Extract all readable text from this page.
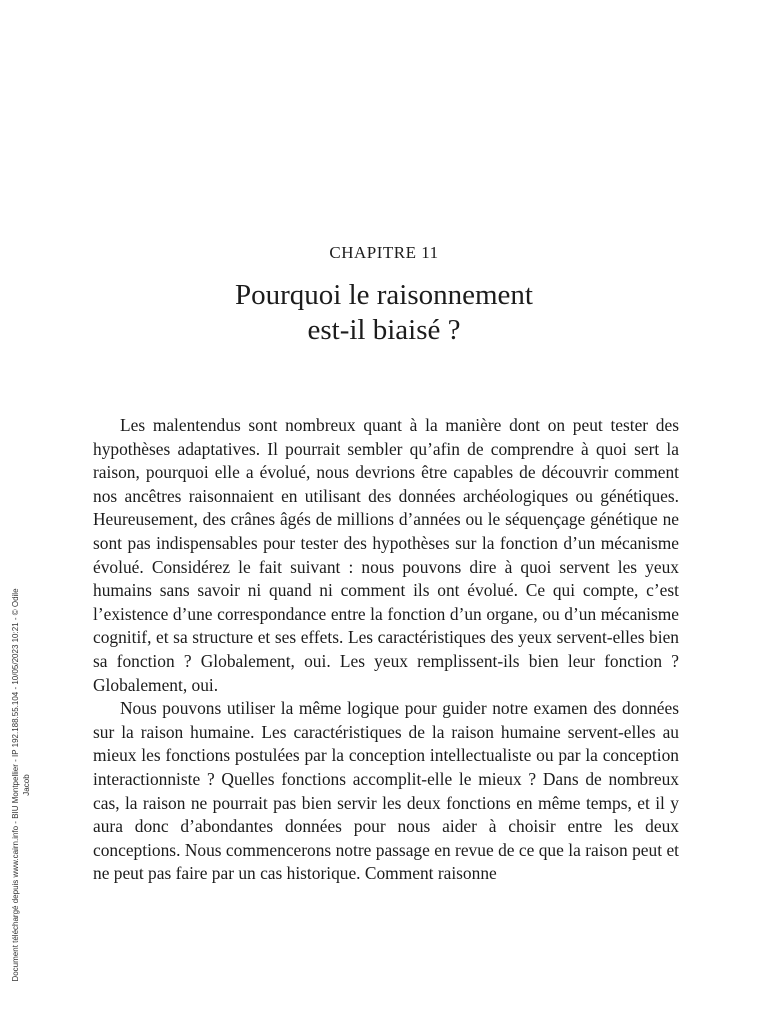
CHAPITRE 11
Pourquoi le raisonnement
est-il biaisé ?

Les malentendus sont nombreux quant à la manière dont on peut tester des hypothèses adaptatives. Il pourrait sembler qu’afin de comprendre à quoi sert la raison, pourquoi elle a évolué, nous devrions être capables de découvrir comment nos ancêtres raisonnaient en utilisant des données archéologiques ou génétiques. Heureusement, des crânes âgés de millions d’années ou le séquençage génétique ne sont pas indispensables pour tester des hypothèses sur la fonction d’un mécanisme évolué. Considérez le fait suivant : nous pouvons dire à quoi servent les yeux humains sans savoir ni quand ni comment ils ont évolué. Ce qui compte, c’est l’existence d’une correspondance entre la fonction d’un organe, ou d’un mécanisme cognitif, et sa structure et ses effets. Les caractéristiques des yeux servent-elles bien sa fonction ? Globalement, oui. Les yeux remplissent-ils bien leur fonction ? Globalement, oui.

Nous pouvons utiliser la même logique pour guider notre examen des données sur la raison humaine. Les caractéristiques de la raison humaine servent-elles au mieux les fonctions postulées par la conception intellectualiste ou par la conception interactionniste ? Quelles fonctions accomplit-elle le mieux ? Dans de nombreux cas, la raison ne pourrait pas bien servir les deux fonctions en même temps, et il y aura donc d’abondantes données pour nous aider à choisir entre les deux conceptions. Nous commencerons notre passage en revue de ce que la raison peut et ne peut pas faire par un cas historique. Comment raisonne

Document téléchargé depuis www.cairn.info - BIU Montpellier - IP 192.188.55.104 - 10/05/2023 10:21 - © Odile Jacob
